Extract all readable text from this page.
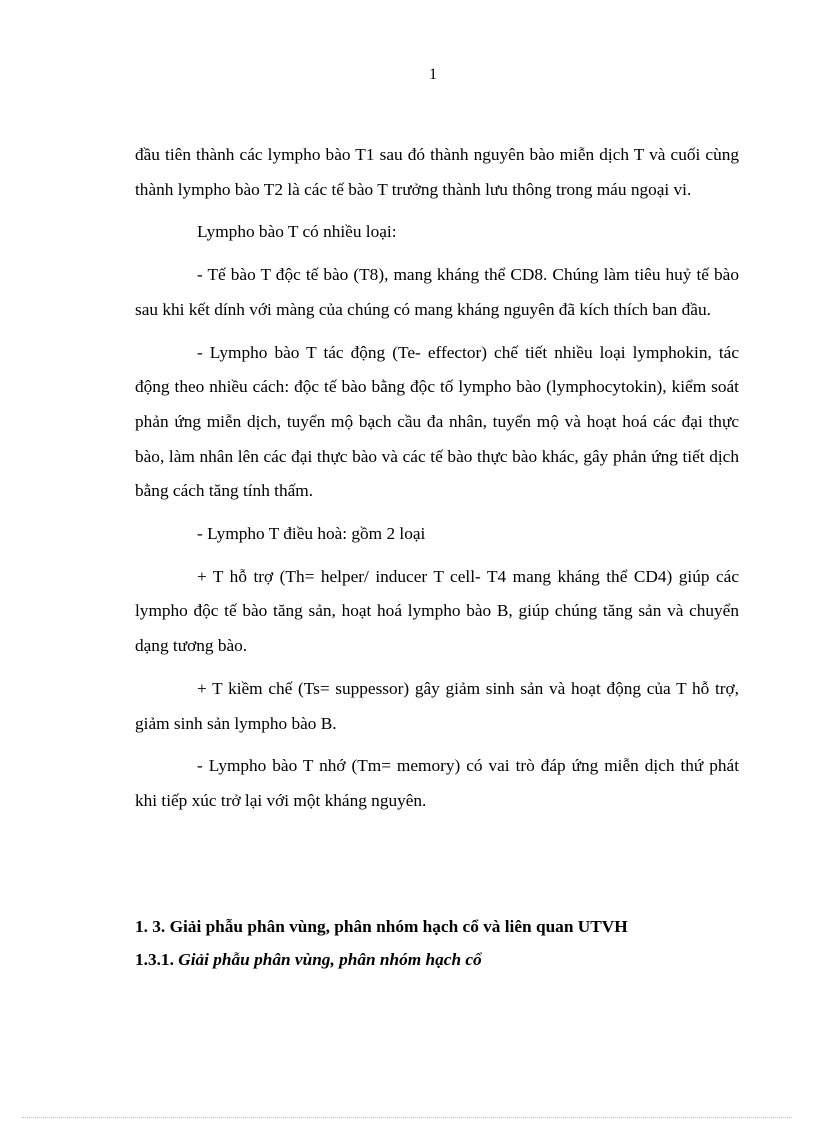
1

đầu tiên thành các lympho bào T1 sau đó thành nguyên bào miễn dịch T và cuối cùng thành lympho bào T2 là các tế bào T trưởng thành lưu thông trong máu ngoại vi.

Lympho bào T có nhiều loại:

- Tế bào T độc tế bào (T8), mang kháng thể CD8. Chúng làm tiêu huỷ tế bào sau khi kết dính với màng của chúng có mang kháng nguyên đã kích thích ban đầu.

- Lympho bào T tác động (Te- effector) chế tiết nhiều loại lymphokin, tác động theo nhiều cách: độc tế bào bằng độc tố lympho bào (lymphocytokin), kiểm soát phản ứng miễn dịch, tuyển mộ bạch cầu đa nhân, tuyển mộ và hoạt hoá các đại thực bào, làm nhân lên các đại thực bào và các tế bào thực bào khác, gây phản ứng tiết dịch bằng cách tăng tính thấm.

- Lympho T điều hoà: gồm 2 loại

+ T hỗ trợ (Th= helper/ inducer T cell- T4 mang kháng thể CD4) giúp các lympho độc tế bào tăng sản, hoạt hoá lympho bào B, giúp chúng tăng sản và chuyển dạng tương bào.

+ T kiềm chế (Ts= suppessor) gây giảm sinh sản và hoạt động của T hỗ trợ, giảm sinh sản lympho bào B.

- Lympho bào T nhớ (Tm= memory) có vai trò đáp ứng miễn dịch thứ phát khi tiếp xúc trở lại với một kháng nguyên.

1. 3. Giải phẫu phân vùng, phân nhóm hạch cổ và liên quan UTVH
1.3.1. Giải phẫu phân vùng, phân nhóm hạch cổ
